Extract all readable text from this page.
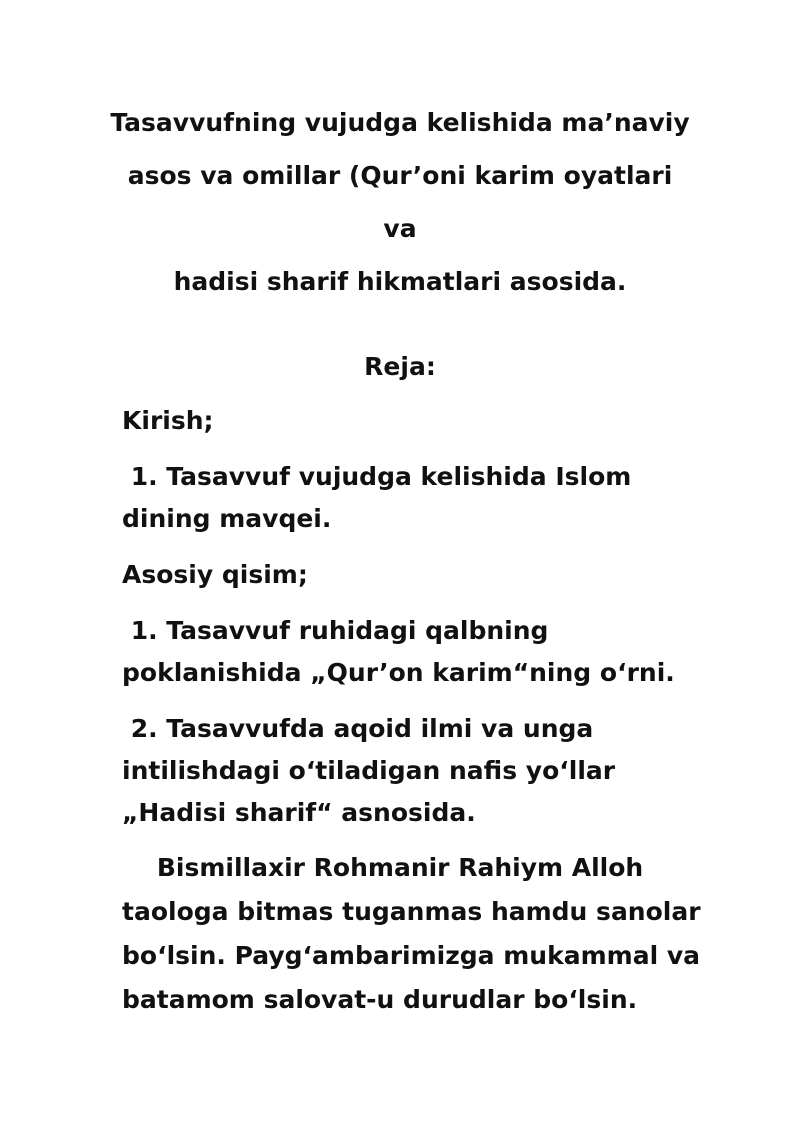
Tasavvufning vujudga kelishida ma’naviy
asos va omillar (Qur’oni karim oyatlari va
hadisi sharif hikmatlari asosida.
Reja:
Kirish;
1. Tasavvuf vujudga kelishida Islom
dining mavqei.
Asosiy qisim;
1. Tasavvuf ruhidagi qalbning
poklanishida „Qur’on karim“ning o‘rni.
2. Tasavvufda aqoid ilmi va unga
intilishdagi o‘tiladigan nafis yo‘llar
„Hadisi sharif“ asnosida.
Bismillaxir Rohmanir Rahiym Alloh
taologa bitmas tuganmas hamdu sanolar
bo‘lsin. Payg‘ambarimizga mukammal va
batamom salovat-u durudlar bo‘lsin.
